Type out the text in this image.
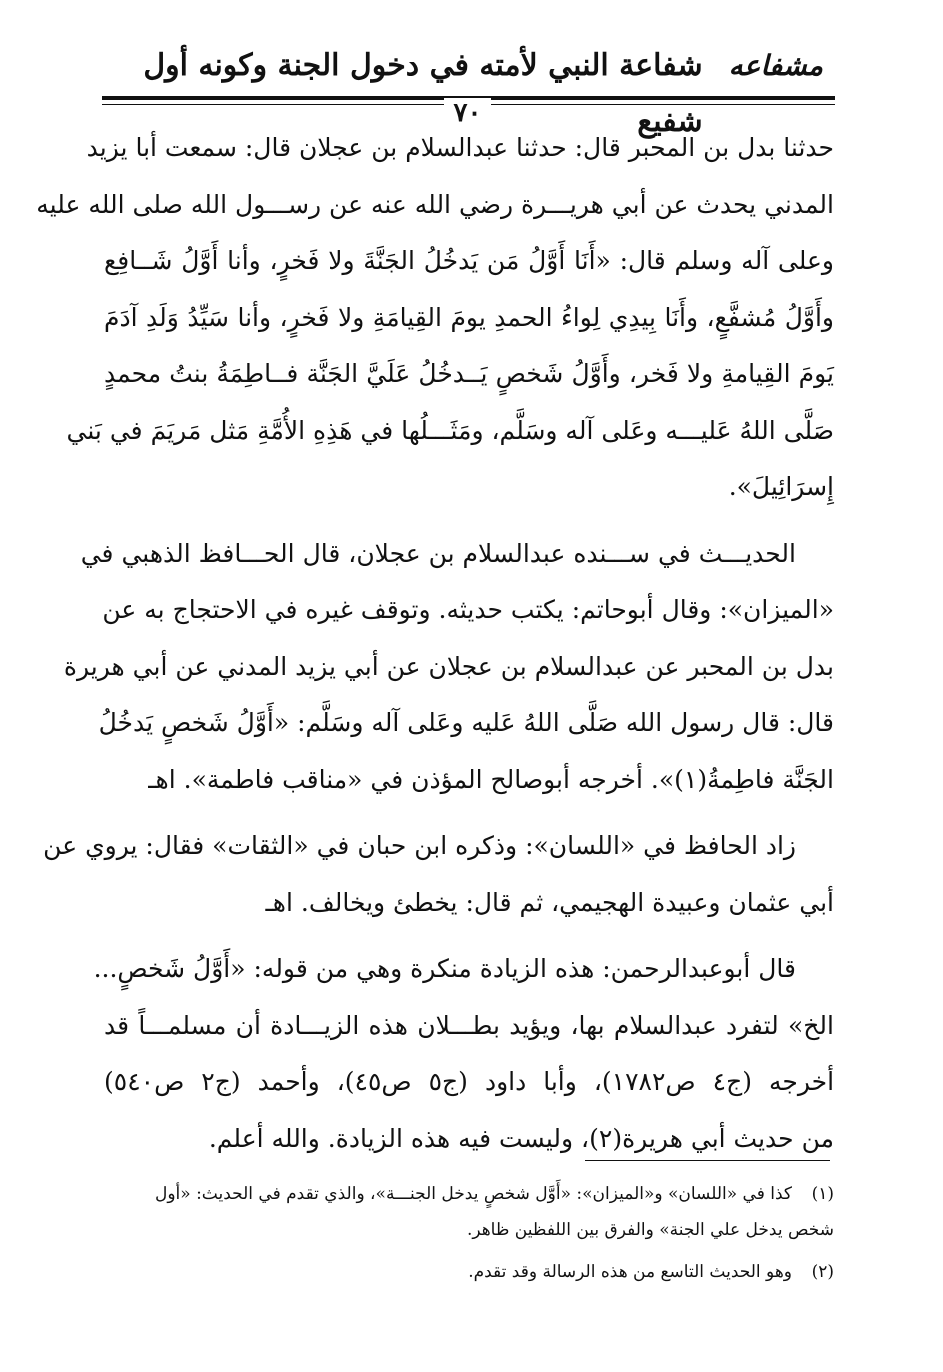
مشفاعه
شفاعة النبي لأمته في دخول الجنة وكونه أول شفيع
٧٠

حدثنا بدل بن المحبر قال: حدثنا عبدالسلام بن عجلان قال: سمعت أبا يزيد
المدني يحدث عن أبي هريـــرة رضي الله عنه عن رســـول الله صلى الله عليه
وعلى آله وسلم قال: «أَنَا أَوَّلُ مَن يَدخُلُ الجَنَّةَ ولا فَخرٍ، وأنا أَوَّلُ شَــافِع
وأَوَّلُ مُشفَّعٍ، وأَنَا بِيدِي لِواءُ الحمدِ يومَ القِيامَةِ ولا فَخرٍ، وأنا سَيِّدُ وَلَدِ آدَمَ
يَومَ القِيامةِ ولا فَخر، وأَوَّلُ شَخصٍ يَــدخُلُ عَلَيَّ الجَنَّة فــاطِمَةُ بنتُ محمدٍ
صَلَّى اللهُ عَليـــه وعَلى آله وسَلَّم، ومَثَـــلُها في هَذِهِ الأُمَّةِ مَثل مَريَمَ في بَني
إِسرَائِيلَ».

الحديـــث في ســـنده عبدالسلام بن عجلان، قال الحـــافظ الذهبي في
«الميزان»: وقال أبوحاتم: يكتب حديثه. وتوقف غيره في الاحتجاج به عن
بدل بن المحبر عن عبدالسلام بن عجلان عن أبي يزيد المدني عن أبي هريرة
قال: قال رسول الله صَلَّى اللهُ عَليه وعَلى آله وسَلَّم: «أَوَّلُ شَخصٍ يَدخُلُ
الجَنَّة فاطِمةُ(١)». أخرجه أبوصالح المؤذن في «مناقب فاطمة». اهـ

زاد الحافظ في «اللسان»: وذكره ابن حبان في «الثقات» فقال: يروي عن
أبي عثمان وعبيدة الهجيمي، ثم قال: يخطئ ويخالف. اهـ

قال أبوعبدالرحمن: هذه الزيادة منكرة وهي من قوله: «أَوَّلُ شَخصٍ...
الخ» لتفرد عبدالسلام بها، ويؤيد بطـــلان هذه الزيـــادة أن مسلمـــاً قد
أخرجه (ج٤ ص١٧٨٢)، وأبا داود (ج٥ ص٤٥)، وأحمد (ج٢ ص٥٤٠)
من حديث أبي هريرة(٢)، وليست فيه هذه الزيادة. والله أعلم.

(١)كذا في «اللسان» و«الميزان»: «أَوَّل شخصٍ يدخل الجنـــة»، والذي تقدم في الحديث: «أول
شخص يدخل علي الجنة» والفرق بين اللفظين ظاهر.
(٢)وهو الحديث التاسع من هذه الرسالة وقد تقدم.
